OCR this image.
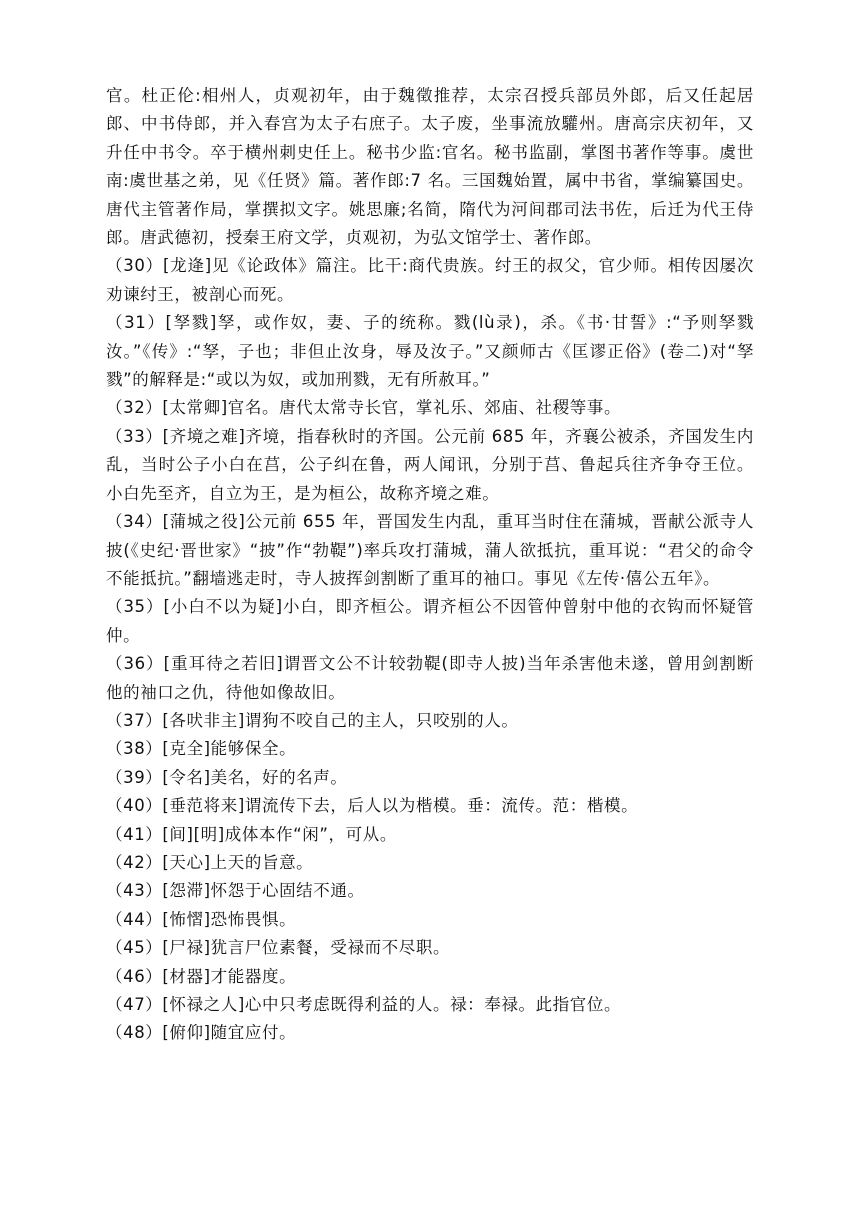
官。杜正伦:相州人，贞观初年，由于魏徵推荐，太宗召授兵部员外郎，后又任起居郎、中书侍郎，并入春宫为太子右庶子。太子废，坐事流放驩州。唐高宗庆初年，又升任中书令。卒于横州刺史任上。秘书少监:官名。秘书监副，掌图书著作等事。虞世南:虞世基之弟，见《任贤》篇。著作郎:7 名。三国魏始置，属中书省，掌编纂国史。唐代主管著作局，掌撰拟文字。姚思廉;名简，隋代为河间郡司法书佐，后迁为代王侍郎。唐武德初，授秦王府文学，贞观初，为弘文馆学士、著作郎。

（30）[龙逄]见《论政体》篇注。比干:商代贵族。纣王的叔父，官少师。相传因屡次劝谏纣王，被剖心而死。

（31）[孥戮]孥，或作奴，妻、子的统称。戮(lù录)，杀。《书·甘誓》:“予则孥戮汝。”《传》:“孥，子也；非但止汝身，辱及汝子。”又颜师古《匡谬正俗》(卷二)对“孥戮”的解释是:“或以为奴，或加刑戮，无有所赦耳。”

（32）[太常卿]官名。唐代太常寺长官，掌礼乐、郊庙、社稷等事。

（33）[齐境之难]齐境，指春秋时的齐国。公元前 685 年，齐襄公被杀，齐国发生内乱，当时公子小白在莒，公子纠在鲁，两人闻讯，分别于莒、鲁起兵往齐争夺王位。小白先至齐，自立为王，是为桓公，故称齐境之难。

（34）[蒲城之役]公元前 655 年，晋国发生内乱，重耳当时住在蒲城，晋献公派寺人披(《史纪·晋世家》“披”作“勃鞮”)率兵攻打蒲城，蒲人欲抵抗，重耳说：“君父的命令不能抵抗。”翻墙逃走时，寺人披挥剑割断了重耳的袖口。事见《左传·僖公五年》。

（35）[小白不以为疑]小白，即齐桓公。谓齐桓公不因管仲曾射中他的衣钩而怀疑管仲。

（36）[重耳待之若旧]谓晋文公不计较勃鞮(即寺人披)当年杀害他未遂，曾用剑割断他的袖口之仇，待他如像故旧。

（37）[各吠非主]谓狗不咬自己的主人，只咬别的人。

（38）[克全]能够保全。

（39）[令名]美名，好的名声。

（40）[垂范将来]谓流传下去，后人以为楷模。垂：流传。范：楷模。

（41）[间][明]成体本作“闲”，可从。

（42）[天心]上天的旨意。

（43）[怨滞]怀怨于心固结不通。

（44）[怖慴]恐怖畏惧。

（45）[尸禄]犹言尸位素餐，受禄而不尽职。

（46）[材器]才能器度。

（47）[怀禄之人]心中只考虑既得利益的人。禄：奉禄。此指官位。

（48）[俯仰]随宜应付。
